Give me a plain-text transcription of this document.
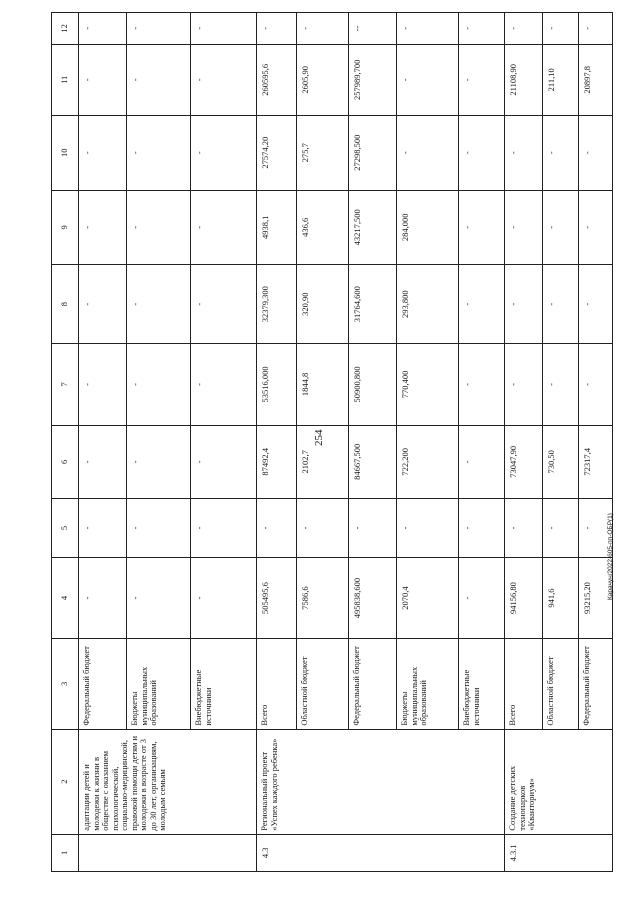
254
Карачун/2022-605-пп-ОБР(1)
1	2	3	4	5	6	7	8	9	10	11	12
	адаптации детей и молодежи к жизни в обществе с оказанием психологической, социально-медицинской, правовой помощи детям и молодежи в возрасте от 3 до 30 лет, организациям, молодым семьям	Федеральный бюджет	-	-	-	-	-	-	-	-	-
		Бюджеты муниципальных образований	-	-	-	-	-	-	-	-	-
		Внебюджетные источники	-	-	-	-	-	-	-	-	-
4.3	Региональный проект «Успех каждого ребенка»	Всего	505495,6	-	87492,4	53516,000	32379,300	4938,1	27574,20	260595,6	-
		Областной бюджет	7586,6	-	2102,7	1844,8	320,90	436,6	275,7	2605,90	-
		Федеральный бюджет	495838,600	-	84667,500	50900,800	31764,600	43217,500	27298,500	257989,700	--
		Бюджеты муниципальных образований	2070,4	-	722,200	770,400	293,800	284,000	-	-	-
		Внебюджетные источники	-	-	-	-	-	-	-	-	-
4.3.1	Создание детских технопарков «Кванториум»	Всего	94156,80	-	73047,90	-	-	-	-	21108,90	-
		Областной бюджет	941,6	-	730,50	-	-	-	-	211,10	-
		Федеральный бюджет	93215,20	-	72317,4	-	-	-	-	20897,8	-
